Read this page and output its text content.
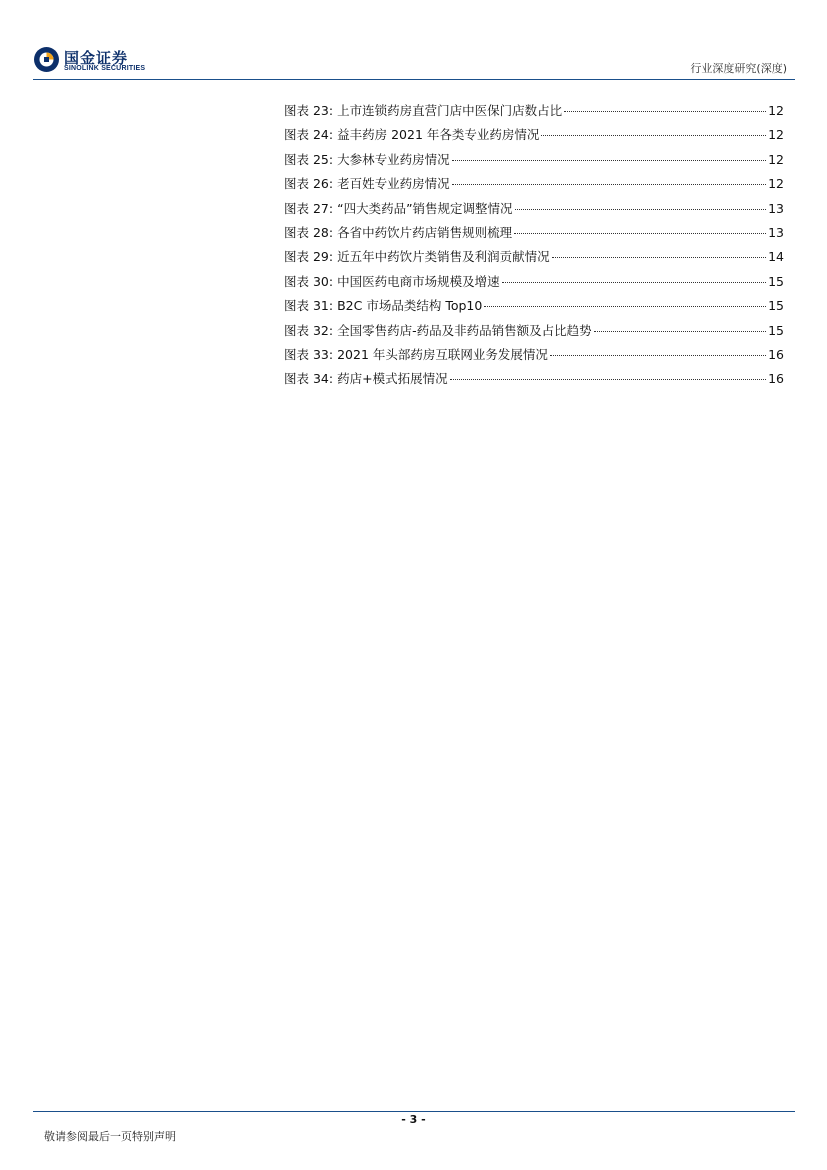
国金证券
SINOLINK SECURITIES	行业深度研究(深度)
图表 23 : 上市连锁药房直营门店中医保门店数占比	12
图表 24 : 益丰药房 2021 年各类专业药房情况	12
图表 25 : 大参林专业药房情况	12
图表 26 : 老百姓专业药房情况	12
图表 27 : “四大类药品”销售规定调整情况	13
图表 28 : 各省中药饮片药店销售规则梳理	13
图表 29 : 近五年中药饮片类销售及利润贡献情况	14
图表 30 : 中国医药电商市场规模及增速	15
图表 31 : B2C 市场品类结构 Top10	15
图表 32 : 全国零售药店-药品及非药品销售额及占比趋势	15
图表 33 : 2021 年头部药房互联网业务发展情况	16
图表 34 : 药店+模式拓展情况	16
- 3 -
敬请参阅最后一页特别声明
